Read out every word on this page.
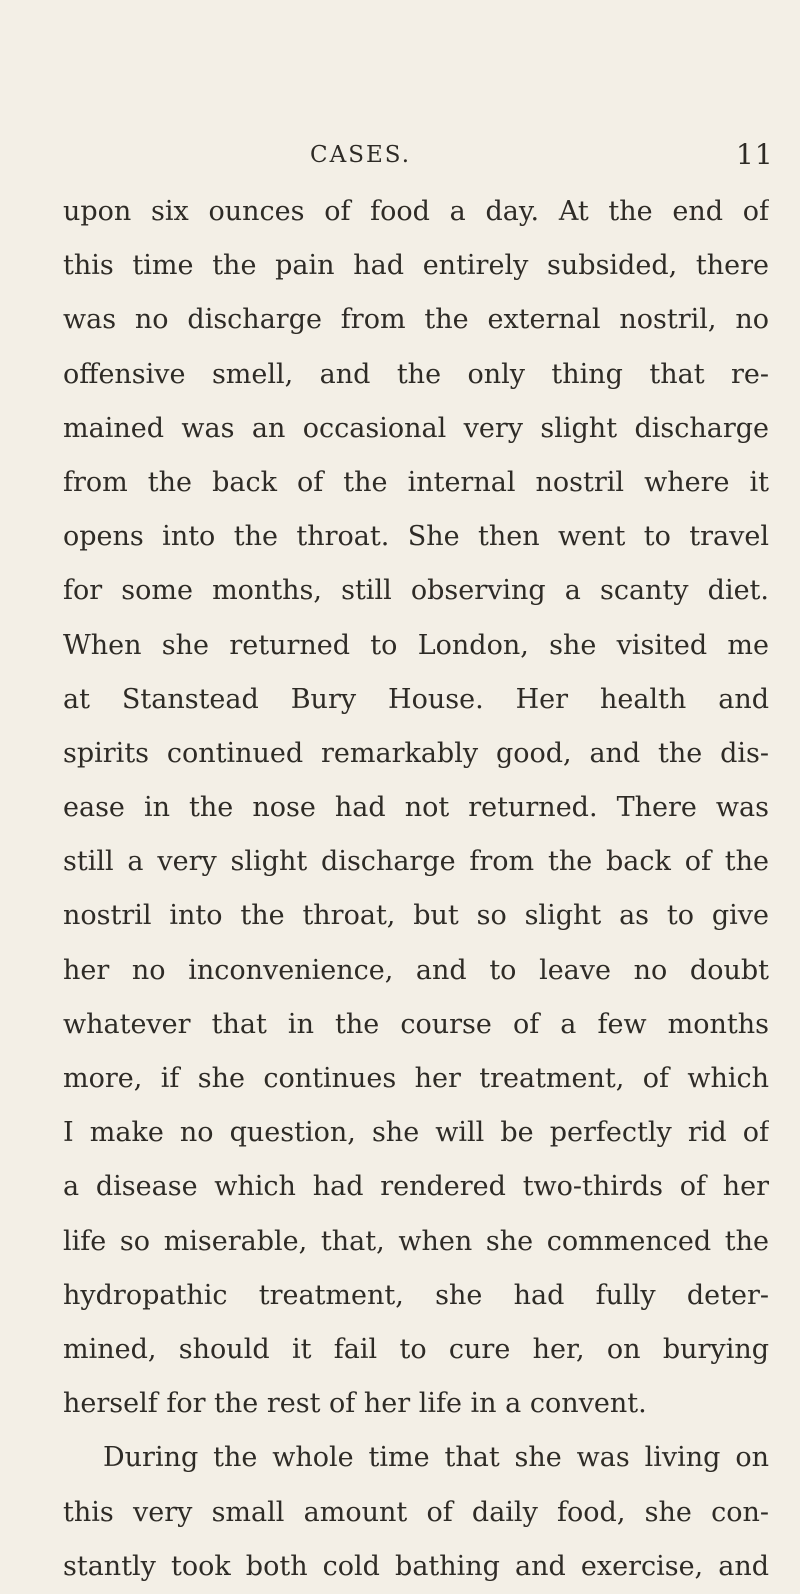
CASES.	11
upon six ounces of food a day. At the end of
this time the pain had entirely subsided, there
was no discharge from the external nostril, no
offensive smell, and the only thing that re-
mained was an occasional very slight discharge
from the back of the internal nostril where it
opens into the throat. She then went to travel
for some months, still observing a scanty diet.
When she returned to London, she visited me
at Stanstead Bury House. Her health and
spirits continued remarkably good, and the dis-
ease in the nose had not returned. There was
still a very slight discharge from the back of the
nostril into the throat, but so slight as to give
her no inconvenience, and to leave no doubt
whatever that in the course of a few months
more, if she continues her treatment, of which
I make no question, she will be perfectly rid of
a disease which had rendered two-thirds of her
life so miserable, that, when she commenced the
hydropathic treatment, she had fully deter-
mined, should it fail to cure her, on burying
herself for the rest of her life in a convent.
During the whole time that she was living on
this very small amount of daily food, she con-
stantly took both cold bathing and exercise, and
